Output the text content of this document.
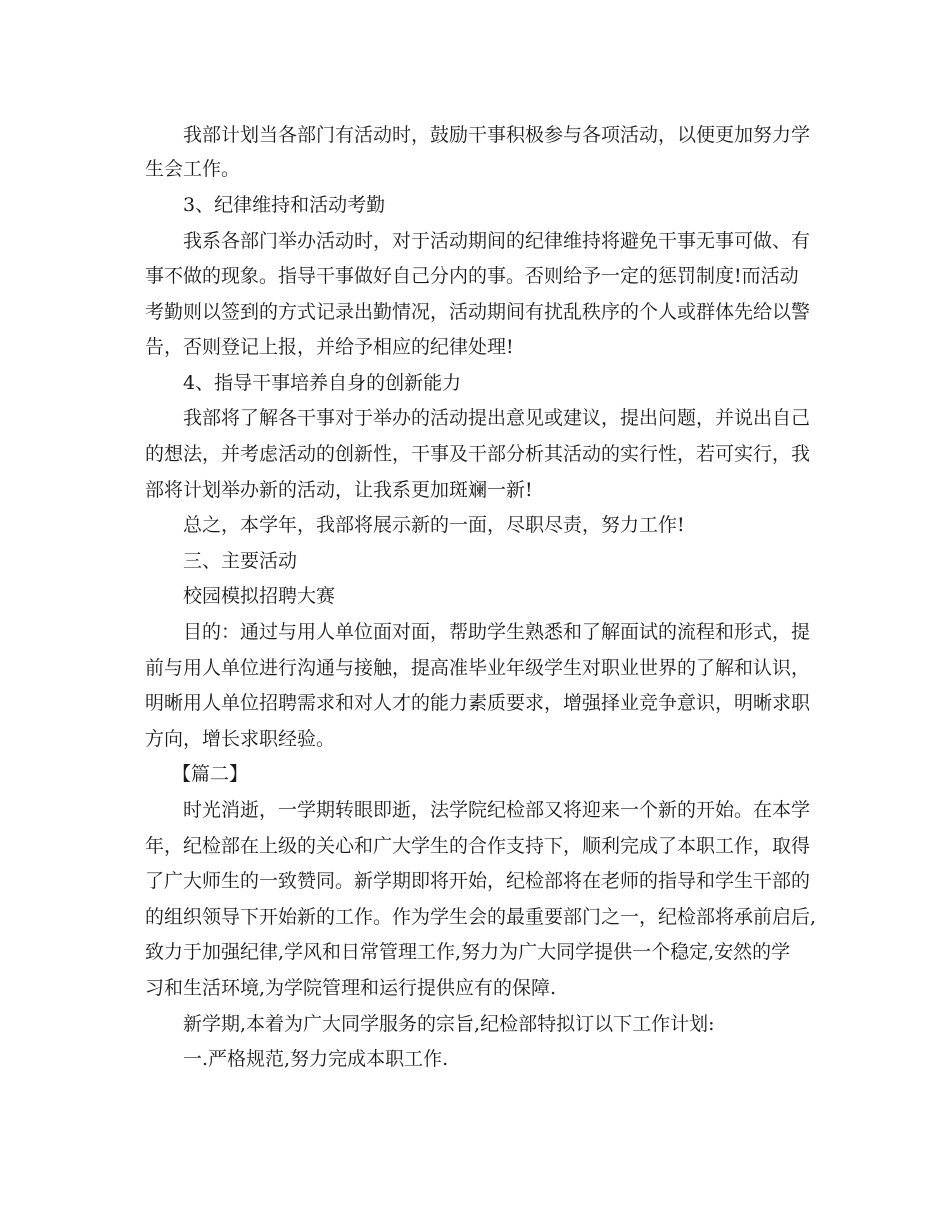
我部计划当各部门有活动时，鼓励干事积极参与各项活动，以便更加努力学
生会工作。
3、纪律维持和活动考勤
我系各部门举办活动时，对于活动期间的纪律维持将避免干事无事可做、有
事不做的现象。指导干事做好自己分内的事。否则给予一定的惩罚制度!而活动
考勤则以签到的方式记录出勤情况，活动期间有扰乱秩序的个人或群体先给以警
告，否则登记上报，并给予相应的纪律处理!
4、指导干事培养自身的创新能力
我部将了解各干事对于举办的活动提出意见或建议，提出问题，并说出自己
的想法，并考虑活动的创新性，干事及干部分析其活动的实行性，若可实行，我
部将计划举办新的活动，让我系更加斑斓一新!
总之，本学年，我部将展示新的一面，尽职尽责，努力工作!
三、主要活动
校园模拟招聘大赛
目的：通过与用人单位面对面，帮助学生熟悉和了解面试的流程和形式，提
前与用人单位进行沟通与接触，提高准毕业年级学生对职业世界的了解和认识，
明晰用人单位招聘需求和对人才的能力素质要求，增强择业竞争意识，明晰求职
方向，增长求职经验。
【篇二】
时光消逝，一学期转眼即逝，法学院纪检部又将迎来一个新的开始。在本学
年，纪检部在上级的关心和广大学生的合作支持下，顺利完成了本职工作，取得
了广大师生的一致赞同。新学期即将开始，纪检部将在老师的指导和学生干部的
的组织领导下开始新的工作。作为学生会的最重要部门之一，纪检部将承前启后,
致力于加强纪律,学风和日常管理工作,努力为广大同学提供一个稳定,安然的学
习和生活环境,为学院管理和运行提供应有的保障.
新学期,本着为广大同学服务的宗旨,纪检部特拟订以下工作计划:
一.严格规范,努力完成本职工作.
